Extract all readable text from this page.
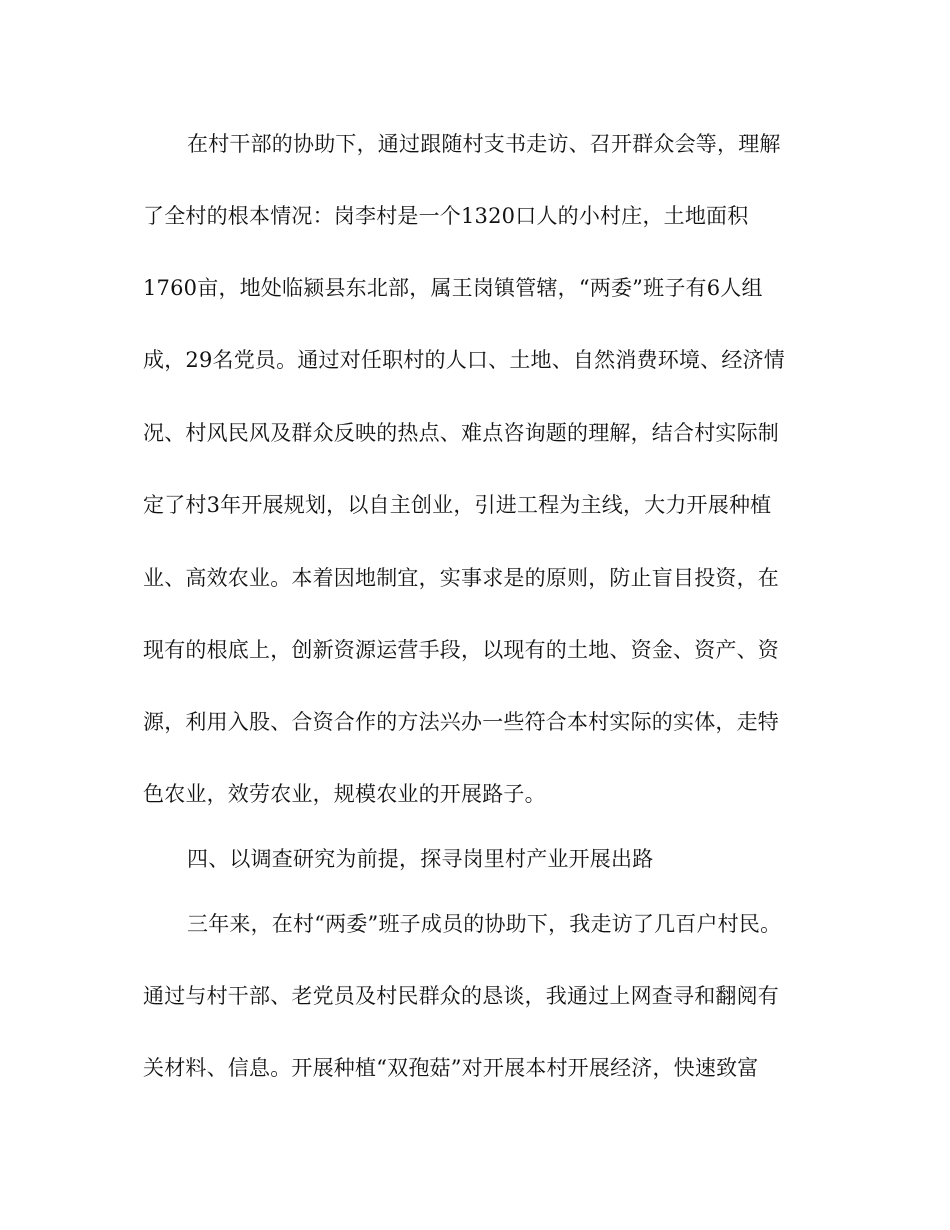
在村干部的协助下，通过跟随村支书走访、召开群众会等，理解
了全村的根本情况：岗李村是一个1320口人的小村庄，土地面积
1760亩，地处临颍县东北部，属王岗镇管辖，“两委”班子有6人组
成，29名党员。通过对任职村的人口、土地、自然消费环境、经济情
况、村风民风及群众反映的热点、难点咨询题的理解，结合村实际制
定了村3年开展规划，以自主创业，引进工程为主线，大力开展种植
业、高效农业。本着因地制宜，实事求是的原则，防止盲目投资，在
现有的根底上，创新资源运营手段，以现有的土地、资金、资产、资
源，利用入股、合资合作的方法兴办一些符合本村实际的实体，走特
色农业，效劳农业，规模农业的开展路子。
四、以调查研究为前提，探寻岗里村产业开展出路
三年来，在村“两委”班子成员的协助下，我走访了几百户村民。
通过与村干部、老党员及村民群众的恳谈，我通过上网查寻和翻阅有
关材料、信息。开展种植“双孢菇”对开展本村开展经济，快速致富
